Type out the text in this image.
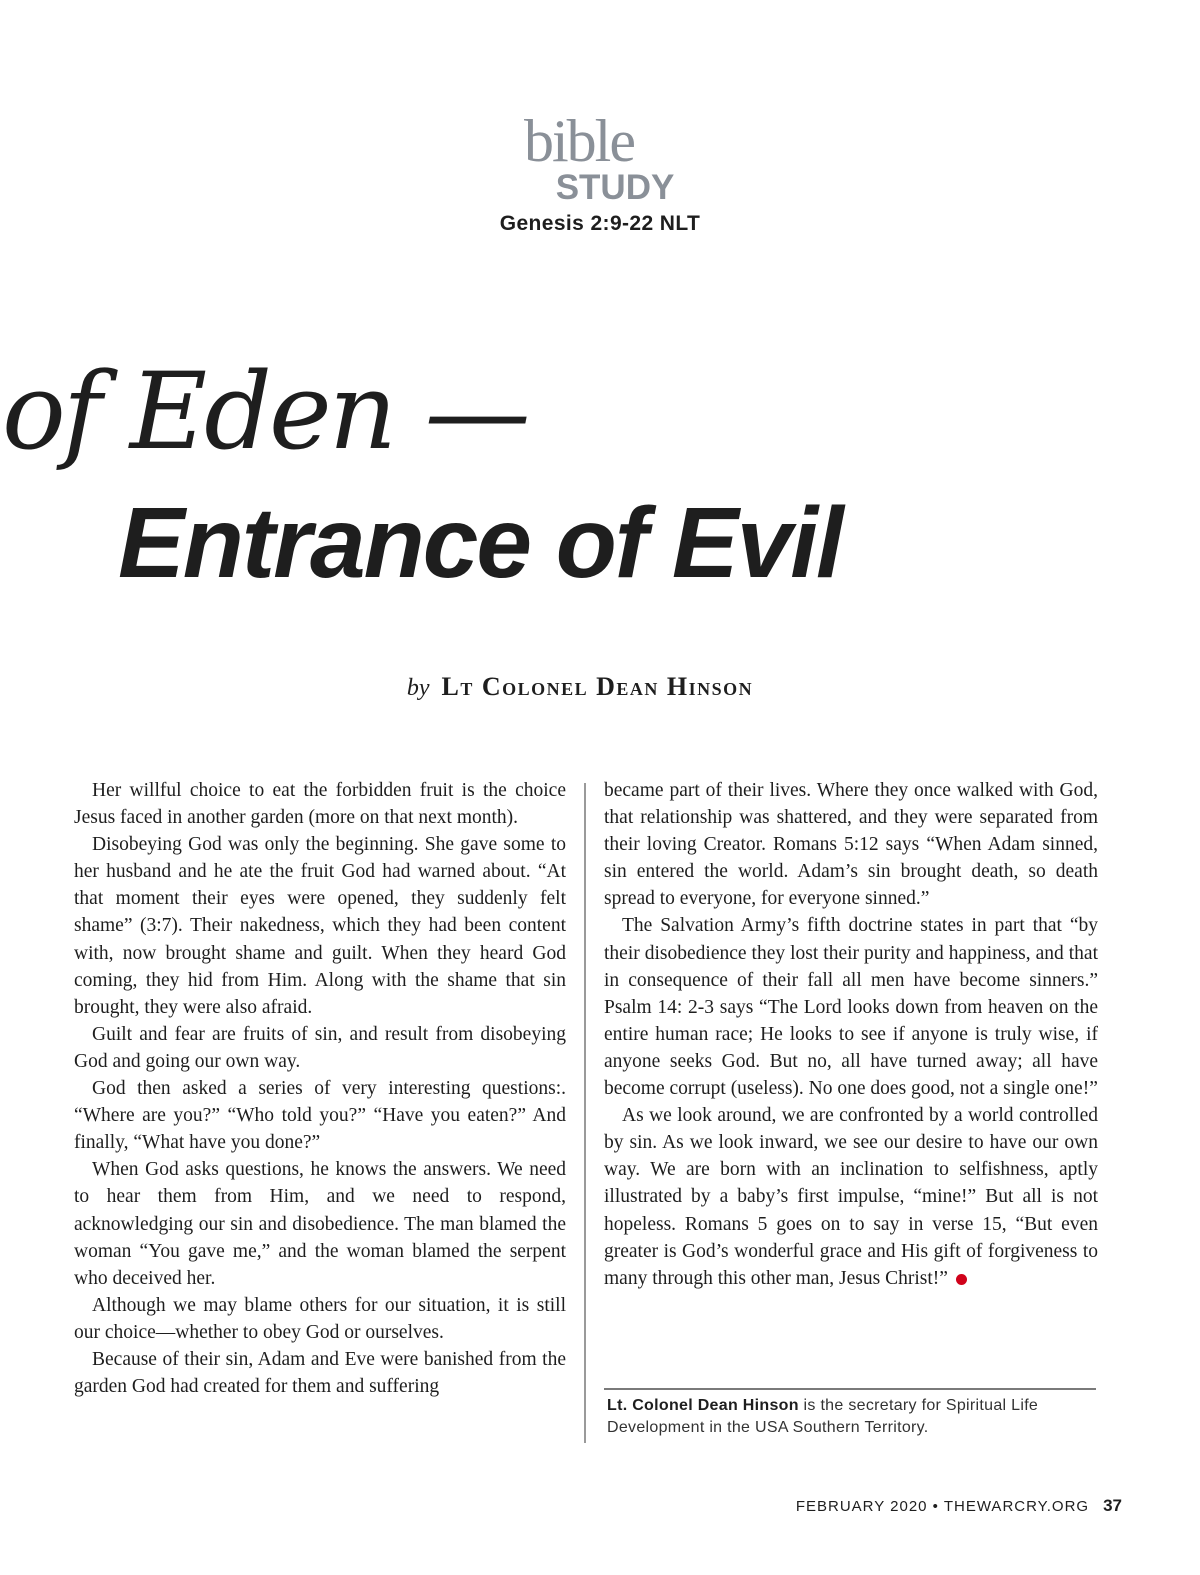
bible
STUDY
Genesis 2:9-22 NLT
of Eden —
Entrance of Evil
by Lt Colonel Dean Hinson

Her willful choice to eat the forbidden fruit is the choice Jesus faced in another garden (more on that next month).

Disobeying God was only the beginning. She gave some to her husband and he ate the fruit God had warned about. “At that moment their eyes were opened, they suddenly felt shame” (3:7). Their nakedness, which they had been content with, now brought shame and guilt. When they heard God coming, they hid from Him. Along with the shame that sin brought, they were also afraid.

Guilt and fear are fruits of sin, and result from disobeying God and going our own way.

God then asked a series of very interesting questions:. “Where are you?” “Who told you?” “Have you eaten?” And finally, “What have you done?”

When God asks questions, he knows the answers. We need to hear them from Him, and we need to respond, acknowledging our sin and disobedience. The man blamed the woman “You gave me,” and the woman blamed the serpent who deceived her.

Although we may blame others for our situation, it is still our choice—whether to obey God or ourselves.

Because of their sin, Adam and Eve were banished from the garden God had created for them and suffering

became part of their lives. Where they once walked with God, that relationship was shattered, and they were separated from their loving Creator. Romans 5:12 says “When Adam sinned, sin entered the world. Adam’s sin brought death, so death spread to everyone, for everyone sinned.”

The Salvation Army’s fifth doctrine states in part that “by their disobedience they lost their purity and happiness, and that in consequence of their fall all men have become sinners.” Psalm 14: 2-3 says “The Lord looks down from heaven on the entire human race; He looks to see if anyone is truly wise, if anyone seeks God. But no, all have turned away; all have become corrupt (useless). No one does good, not a single one!”

As we look around, we are confronted by a world controlled by sin. As we look inward, we see our desire to have our own way. We are born with an inclination to selfishness, aptly illustrated by a baby’s first impulse, “mine!” But all is not hopeless. Romans 5 goes on to say in verse 15, “But even greater is God’s wonderful grace and His gift of forgiveness to many through this other man, Jesus Christ!”

Lt. Colonel Dean Hinson is the secretary for Spiritual Life Development in the USA Southern Territory.
FEBRUARY 2020 • THEWARCRY.ORG 37
